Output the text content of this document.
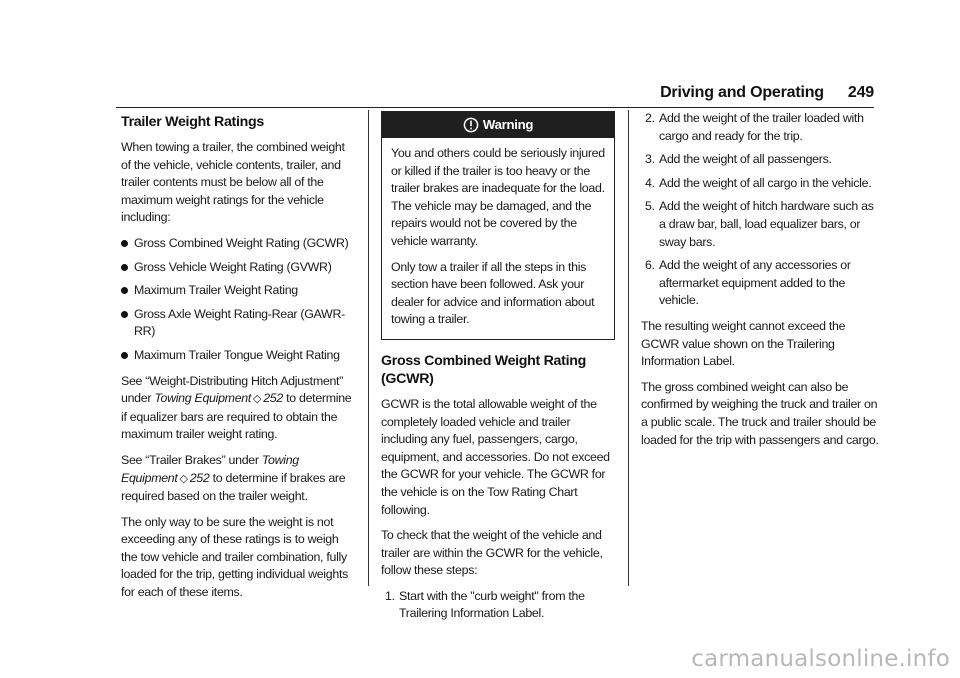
Driving and Operating 249
Trailer Weight Ratings

When towing a trailer, the combined weight of the vehicle, vehicle contents, trailer, and trailer contents must be below all of the maximum weight ratings for the vehicle including:

Gross Combined Weight Rating (GCWR)
Gross Vehicle Weight Rating (GVWR)
Maximum Trailer Weight Rating
Gross Axle Weight Rating-Rear (GAWR-RR)
Maximum Trailer Tongue Weight Rating

See “Weight-Distributing Hitch Adjustment” under Towing Equipment ◇ 252 to determine if equalizer bars are required to obtain the maximum trailer weight rating.

See “Trailer Brakes” under Towing Equipment ◇ 252 to determine if brakes are required based on the trailer weight.

The only way to be sure the weight is not exceeding any of these ratings is to weigh the tow vehicle and trailer combination, fully loaded for the trip, getting individual weights for each of these items.

Warning

You and others could be seriously injured or killed if the trailer is too heavy or the trailer brakes are inadequate for the load. The vehicle may be damaged, and the repairs would not be covered by the vehicle warranty.

Only tow a trailer if all the steps in this section have been followed. Ask your dealer for advice and information about towing a trailer.

Gross Combined Weight Rating (GCWR)

GCWR is the total allowable weight of the completely loaded vehicle and trailer including any fuel, passengers, cargo, equipment, and accessories. Do not exceed the GCWR for your vehicle. The GCWR for the vehicle is on the Tow Rating Chart following.

To check that the weight of the vehicle and trailer are within the GCWR for the vehicle, follow these steps:

1. Start with the "curb weight" from the Trailering Information Label.
2. Add the weight of the trailer loaded with cargo and ready for the trip.
3. Add the weight of all passengers.
4. Add the weight of all cargo in the vehicle.
5. Add the weight of hitch hardware such as a draw bar, ball, load equalizer bars, or sway bars.
6. Add the weight of any accessories or aftermarket equipment added to the vehicle.

The resulting weight cannot exceed the GCWR value shown on the Trailering Information Label.

The gross combined weight can also be confirmed by weighing the truck and trailer on a public scale. The truck and trailer should be loaded for the trip with passengers and cargo.

carmanualsonline.info
